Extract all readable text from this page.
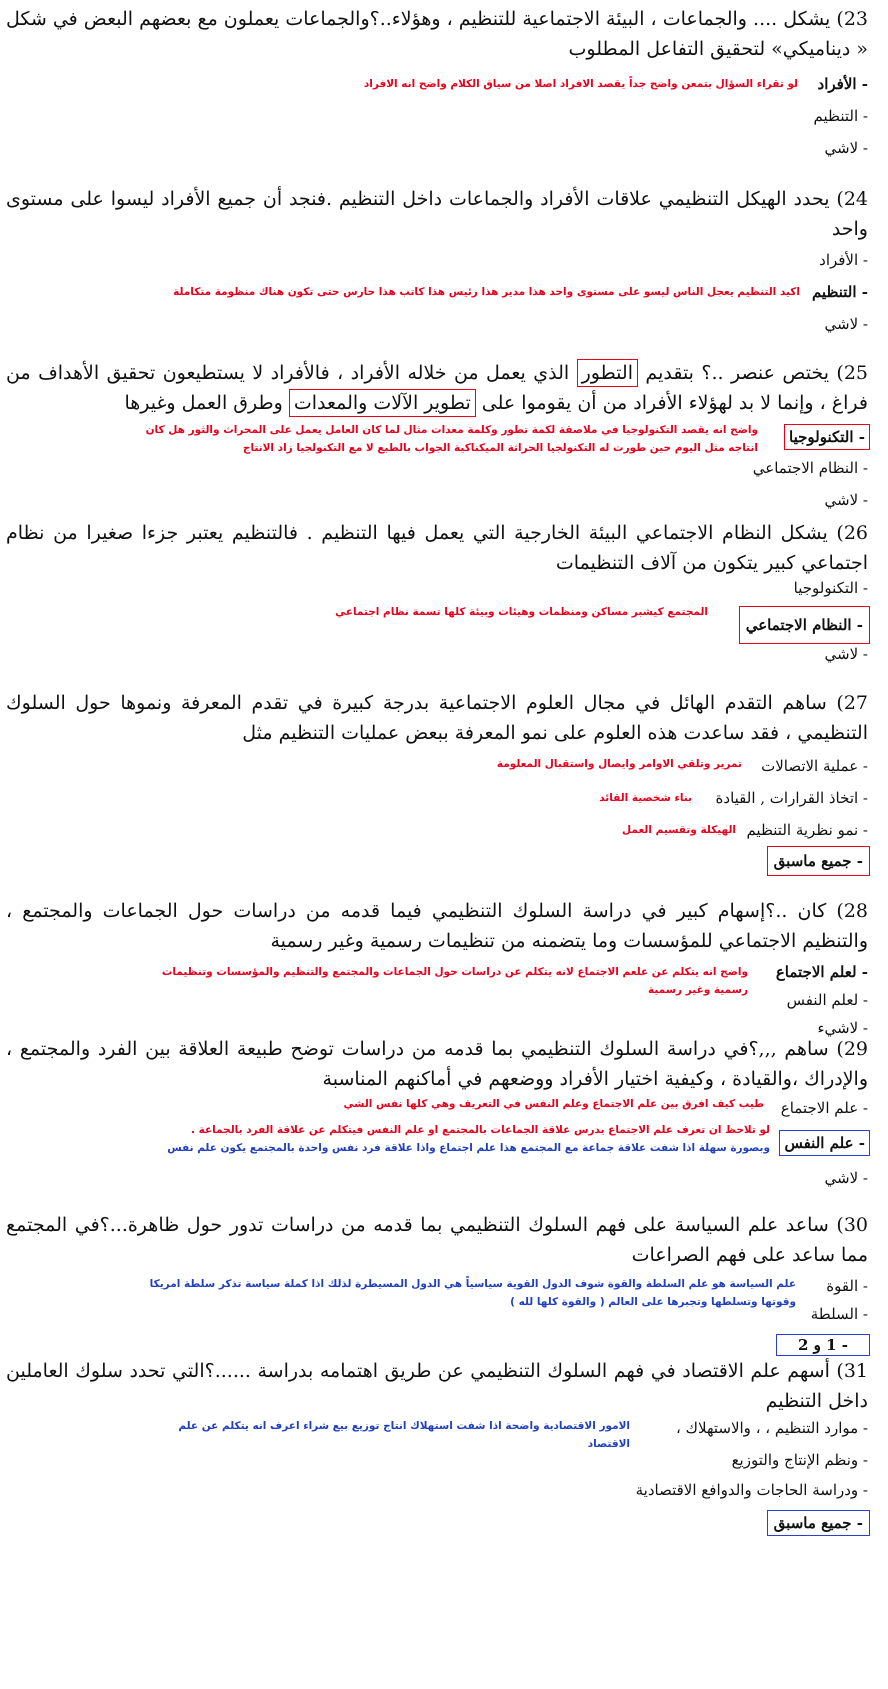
23) يشكل .... والجماعات ، البيئة الاجتماعية للتنظيم ، وهؤلاء..؟والجماعات يعملون مع بعضهم البعض في شكل « ديناميكي» لتحقيق التفاعل المطلوب
- الأفراد
لو تقراء السؤال بتمعن واضح جداً يقصد الافراد اصلا من سياق الكلام واضح انه الافراد
- التنظيم
- لاشي
24) يحدد الهيكل التنظيمي علاقات الأفراد والجماعات داخل التنظيم .فنجد أن جميع الأفراد ليسوا على مستوى واحد
- الأفراد
- التنظيم
اكيد التنظيم يعجل الناس ليسو على مستوى واحد هذا مدير هذا رئيس هذا كاتب هذا حارس حتى تكون هناك منظومة متكاملة
- لاشي
25) يختص عنصر ..؟ بتقديم التطور الذي يعمل من خلاله الأفراد ، فالأفراد لا يستطيعون تحقيق الأهداف من فراغ ، وإنما لا بد لهؤلاء الأفراد من أن يقوموا على تطوير الآلات والمعدات وطرق العمل وغيرها
- التكنولوجيا
واضح انه يقصد التكنولوجيا في ملاصقة لكمة تطور وكلمة معدات مثال لما كان العامل يعمل على المحراث والثور هل كان
انتاجه مثل اليوم حين طورت له التكنولجيا الحراثة الميكناكية الجواب بالطبع لا مع التكنولجيا زاد الانتاج
- النظام الاجتماعي
- لاشي
26) يشكل النظام الاجتماعي البيئة الخارجية التي يعمل فيها التنظيم . فالتنظيم يعتبر جزءا صغيرا من نظام اجتماعي كبير يتكون من آلاف التنظيمات
- التكنولوجيا
- النظام الاجتماعي
المجتمع كيشبر مساكن ومنظمات وهيئات وبيئة كلها تسمة نظام اجتماعي
- لاشي
27) ساهم التقدم الهائل في مجال العلوم الاجتماعية بدرجة كبيرة في تقدم المعرفة ونموها حول السلوك التنظيمي ، فقد ساعدت هذه العلوم على نمو المعرفة ببعض عمليات التنظيم مثل
- عملية الاتصالات
تمرير وتلقي الاوامر وايصال واستقبال المعلومة
- اتخاذ القرارات , القيادة
بناء شخصية القائد
- نمو نظرية التنظيم
الهيكلة وتقسيم العمل
- جميع ماسبق
28) كان ..؟إسهام كبير في دراسة السلوك التنظيمي فيما قدمه من دراسات حول الجماعات والمجتمع ، والتنظيم الاجتماعي للمؤسسات وما يتضمنه من تنظيمات رسمية وغير رسمية
- لعلم الاجتماع
واضح انه يتكلم عن علعم الاجتماع لانه يتكلم عن دراسات حول الجماعات والمجتمع والتنظيم والمؤسسات وتنظيمات
رسمية وغير رسمية
- لعلم النفس
- لاشيء
29) ساهم ,,,؟في دراسة السلوك التنظيمي بما قدمه من دراسات توضح طبيعة العلاقة بين الفرد والمجتمع ، والإدراك ،والقيادة ، وكيفية اختيار الأفراد ووضعهم في أماكنهم المناسبة
- علم الاجتماع
طيب كيف افرق بين علم الاجتماع وعلم النفس في التعريف وهي كلها نفس الشي
- علم النفس
لو تلاحظ ان تعرف علم الاجتماع يدرس علاقة الجماعات بالمجتمع او علم النفس فيتكلم عن علاقة الفرد بالجماعة .
وبصورة سهلة اذا شفت علاقة جماعة مع المجتمع هذا علم اجتماع واذا علاقة فرد نفس واحدة بالمجتمع يكون علم نفس
- لاشي
30) ساعد علم السياسة على فهم السلوك التنظيمي بما قدمه من دراسات تدور حول ظاهرة...؟في المجتمع مما ساعد على فهم الصراعات
- القوة
علم السياسة هو علم السلطة والقوة شوف الدول القوية سياسياً هي الدول المسيطرة لذلك اذا كملة سياسة تذكر سلطة امريكا
وقوتها وتسلطها وتجبرها على العالم ( والقوة كلها لله )
- السلطة
- 1 و 2
31) أسهم علم الاقتصاد في فهم السلوك التنظيمي عن طريق اهتمامه بدراسة ......؟التي تحدد سلوك العاملين داخل التنظيم
- موارد التنظيم ، ، والاستهلاك ،
الامور الاقتصادية واضحة اذا شفت استهلاك انتاج توزيع بيع شراء اعرف انه يتكلم عن علم
الاقتصاد
- ونظم الإنتاج والتوزيع
- ودراسة الحاجات والدوافع الاقتصادية
- جميع ماسبق
